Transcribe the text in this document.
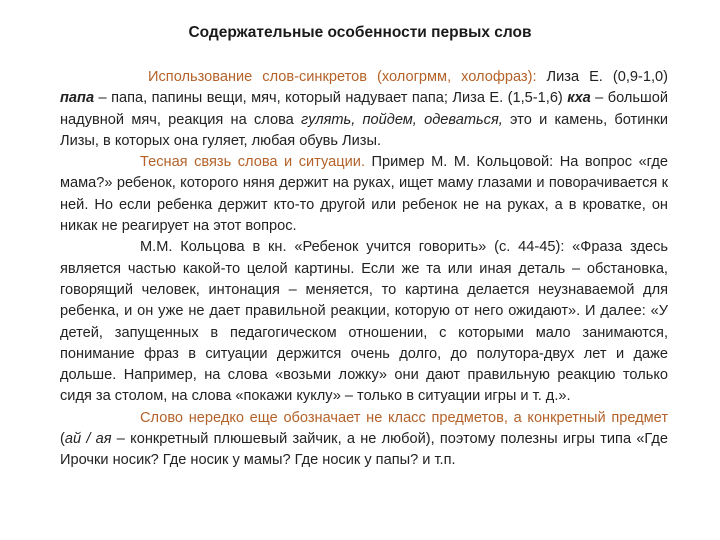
Содержательные особенности первых слов

Использование слов-синкретов (хологрмм, холофраз): Лиза Е. (0,9-1,0) папа – папа, папины вещи, мяч, который надувает папа; Лиза Е. (1,5-1,6) кха – большой надувной мяч, реакция на слова гулять, пойдем, одеваться, это и камень, ботинки Лизы, в которых она гуляет, любая обувь Лизы.

Тесная связь слова и ситуации. Пример М. М. Кольцовой: На вопрос «где мама?» ребенок, которого няня держит на руках, ищет маму глазами и поворачивается к ней. Но если ребенка держит кто-то другой или ребенок не на руках, а в кроватке, он никак не реагирует на этот вопрос.

М.М. Кольцова в кн. «Ребенок учится говорить» (с. 44-45): «Фраза здесь является частью какой-то целой картины. Если же та или иная деталь – обстановка, говорящий человек, интонация – меняется, то картина делается неузнаваемой для ребенка, и он уже не дает правильной реакции, которую от него ожидают». И далее: «У детей, запущенных в педагогическом отношении, с которыми мало занимаются, понимание фраз в ситуации держится очень долго, до полутора-двух лет и даже дольше. Например, на слова «возьми ложку» они дают правильную реакцию только сидя за столом, на слова «покажи куклу» – только в ситуации игры и т. д.».

Слово нередко еще обозначает не класс предметов, а конкретный предмет (ай / ая – конкретный плюшевый зайчик, а не любой), поэтому полезны игры типа «Где Ирочки носик? Где носик у мамы? Где носик у папы? и т.п.
